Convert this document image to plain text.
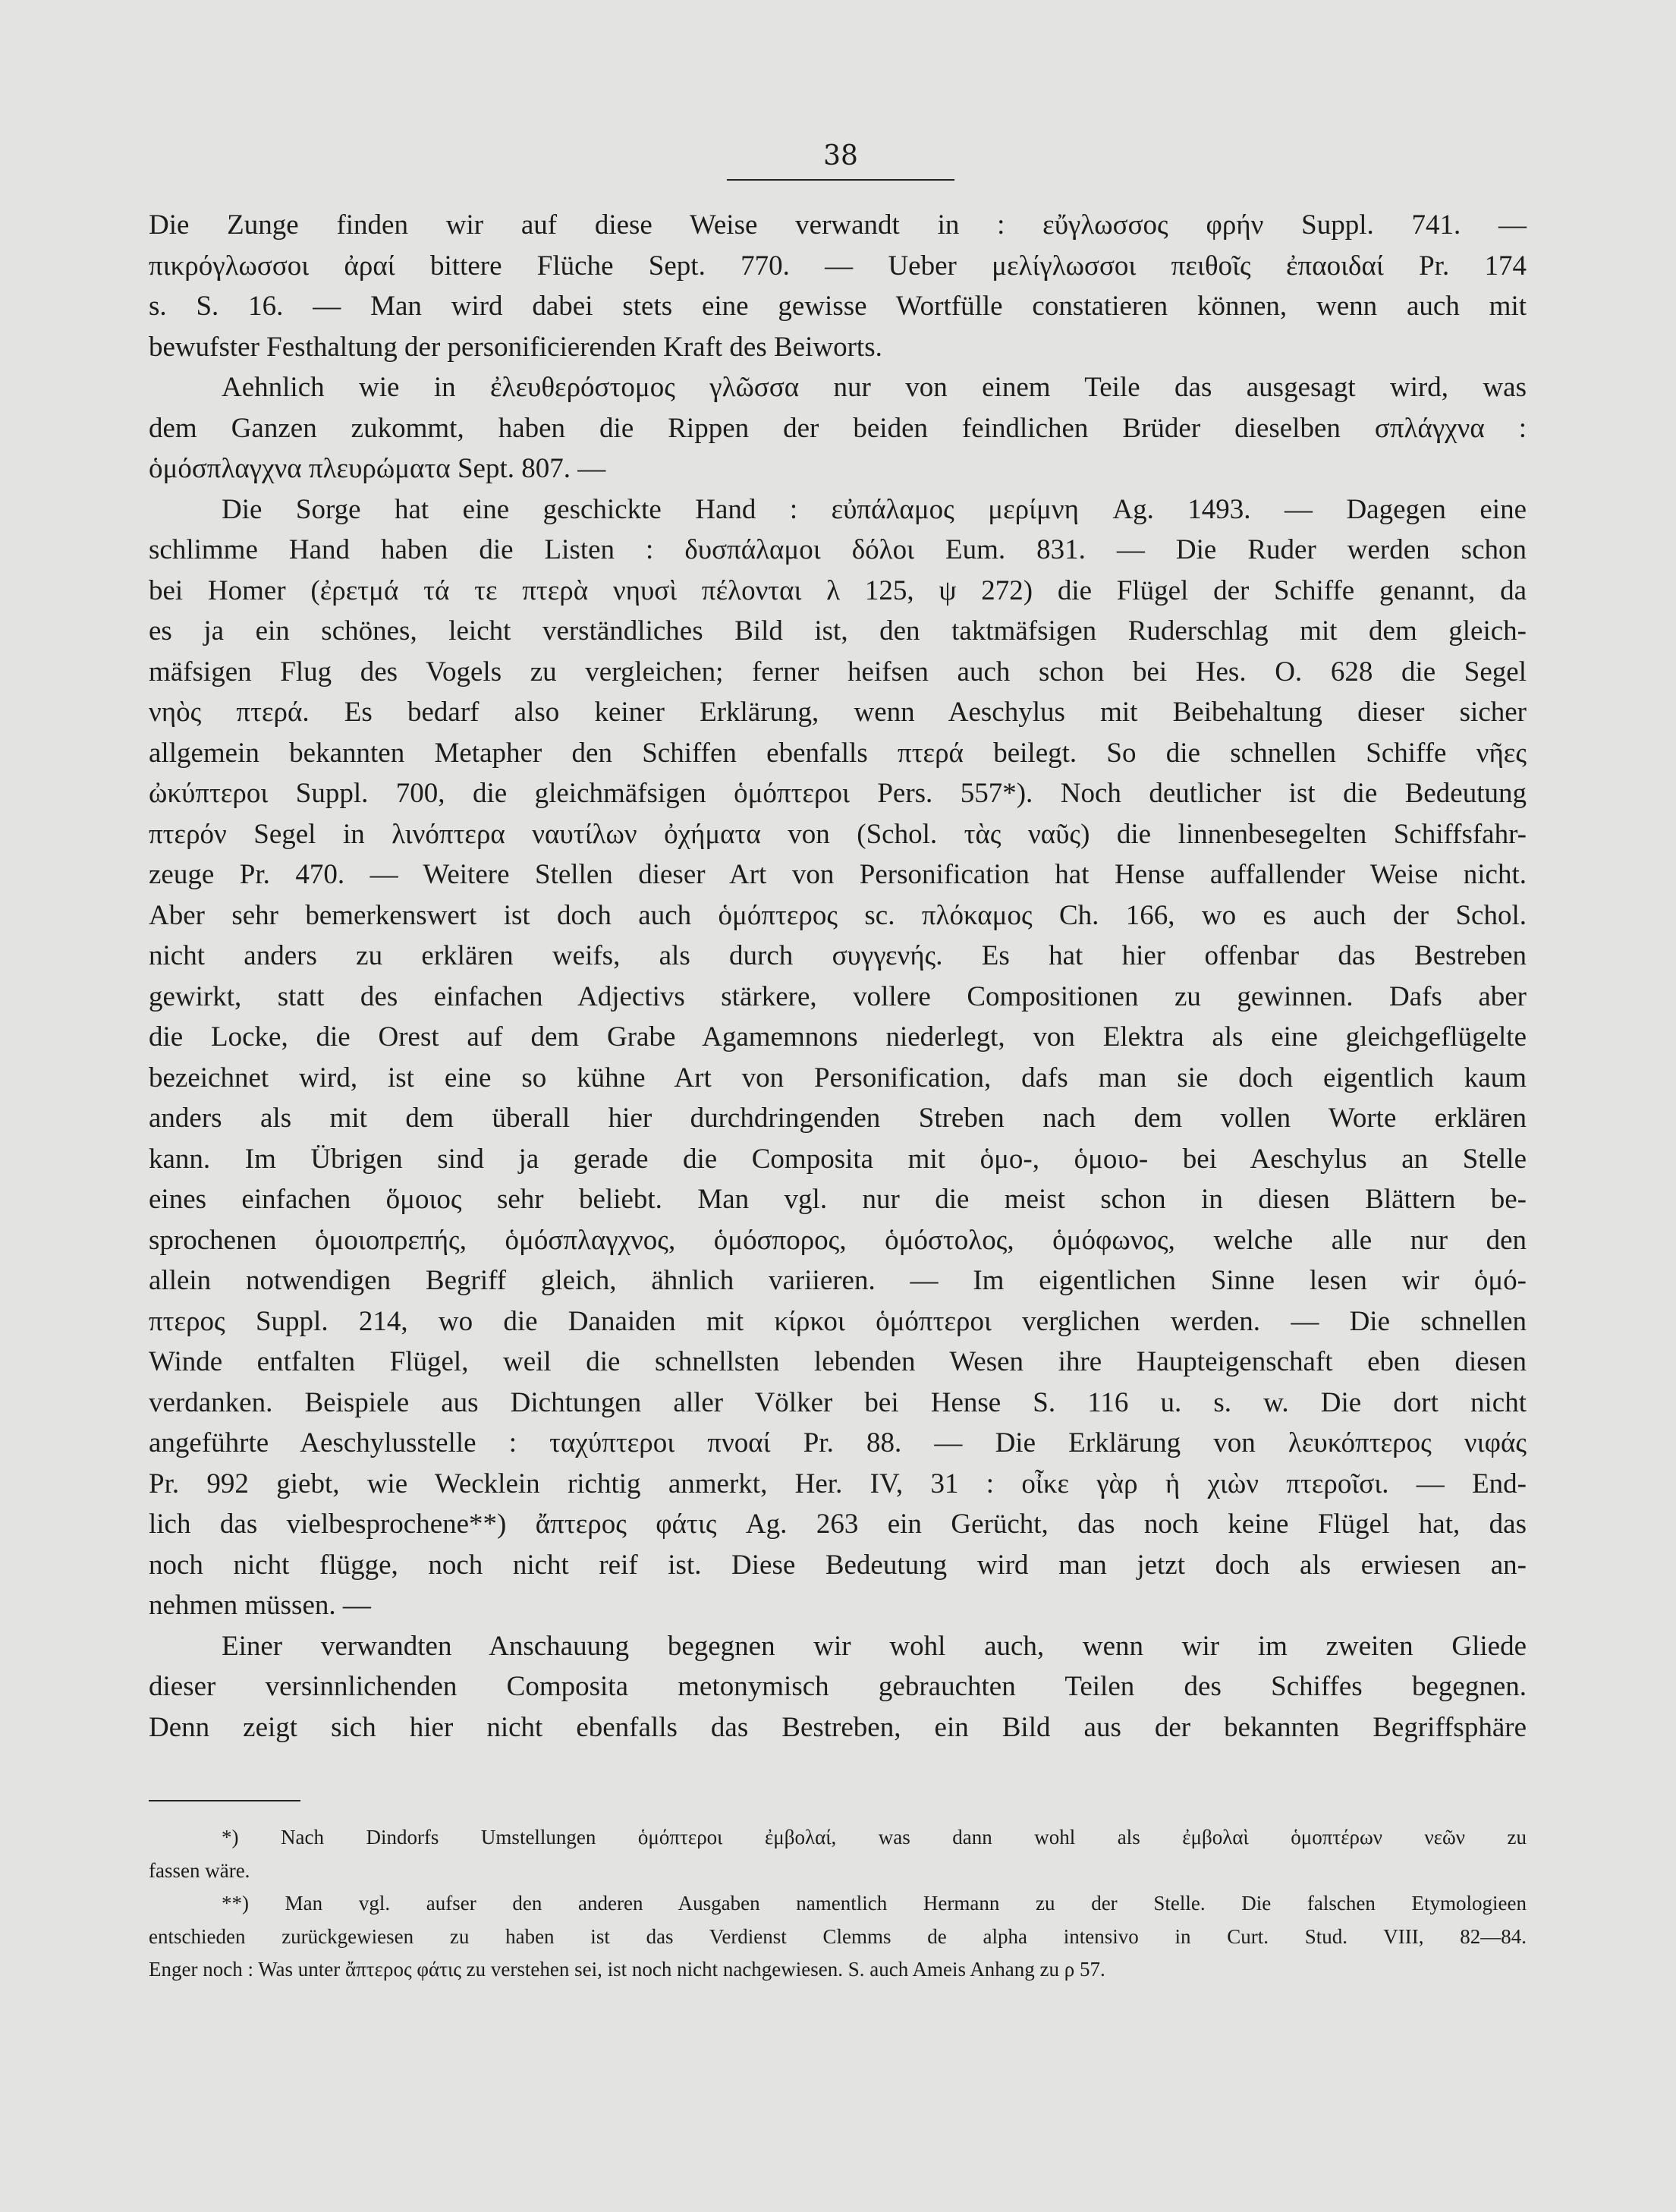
38
Die Zunge finden wir auf diese Weise verwandt in : εὔγλωσσος φρήν Suppl. 741. —
πικρόγλωσσοι ἀραί bittere Flüche Sept. 770. — Ueber μελίγλωσσοι πειθοῖς ἐπαοιδαί Pr. 174
s. S. 16. — Man wird dabei stets eine gewisse Wortfülle constatieren können, wenn auch mit
bewufster Festhaltung der personificierenden Kraft des Beiworts.
Aehnlich wie in ἐλευθερόστομος γλῶσσα nur von einem Teile das ausgesagt wird, was
dem Ganzen zukommt, haben die Rippen der beiden feindlichen Brüder dieselben σπλάγχνα :
ὁμόσπλαγχνα πλευρώματα Sept. 807. —
Die Sorge hat eine geschickte Hand : εὐπάλαμος μερίμνη Ag. 1493. — Dagegen eine
schlimme Hand haben die Listen : δυσπάλαμοι δόλοι Eum. 831. — Die Ruder werden schon
bei Homer (ἐρετμά τά τε πτερὰ νηυσὶ πέλονται λ 125, ψ 272) die Flügel der Schiffe genannt, da
es ja ein schönes, leicht verständliches Bild ist, den taktmäfsigen Ruderschlag mit dem gleich-
mäfsigen Flug des Vogels zu vergleichen; ferner heifsen auch schon bei Hes. O. 628 die Segel
νηὸς πτερά. Es bedarf also keiner Erklärung, wenn Aeschylus mit Beibehaltung dieser sicher
allgemein bekannten Metapher den Schiffen ebenfalls πτερά beilegt. So die schnellen Schiffe νῆες
ὠκύπτεροι Suppl. 700, die gleichmäfsigen ὁμόπτεροι Pers. 557*). Noch deutlicher ist die Bedeutung
πτερόν Segel in λινόπτερα ναυτίλων ὀχήματα von (Schol. τὰς ναῦς) die linnenbesegelten Schiffsfahr-
zeuge Pr. 470. — Weitere Stellen dieser Art von Personification hat Hense auffallender Weise nicht.
Aber sehr bemerkenswert ist doch auch ὁμόπτερος sc. πλόκαμος Ch. 166, wo es auch der Schol.
nicht anders zu erklären weifs, als durch συγγενής. Es hat hier offenbar das Bestreben
gewirkt, statt des einfachen Adjectivs stärkere, vollere Compositionen zu gewinnen. Dafs aber
die Locke, die Orest auf dem Grabe Agamemnons niederlegt, von Elektra als eine gleichgeflügelte
bezeichnet wird, ist eine so kühne Art von Personification, dafs man sie doch eigentlich kaum
anders als mit dem überall hier durchdringenden Streben nach dem vollen Worte erklären
kann. Im Übrigen sind ja gerade die Composita mit ὁμο-, ὁμοιο- bei Aeschylus an Stelle
eines einfachen ὅμοιος sehr beliebt. Man vgl. nur die meist schon in diesen Blättern be-
sprochenen ὁμοιοπρεπής, ὁμόσπλαγχνος, ὁμόσπορος, ὁμόστολος, ὁμόφωνος, welche alle nur den
allein notwendigen Begriff gleich, ähnlich variieren. — Im eigentlichen Sinne lesen wir ὁμό-
πτερος Suppl. 214, wo die Danaiden mit κίρκοι ὁμόπτεροι verglichen werden. — Die schnellen
Winde entfalten Flügel, weil die schnellsten lebenden Wesen ihre Haupteigenschaft eben diesen
verdanken. Beispiele aus Dichtungen aller Völker bei Hense S. 116 u. s. w. Die dort nicht
angeführte Aeschylusstelle : ταχύπτεροι πνοαί Pr. 88. — Die Erklärung von λευκόπτερος νιφάς
Pr. 992 giebt, wie Wecklein richtig anmerkt, Her. IV, 31 : οἶκε γὰρ ἡ χιὼν πτεροῖσι. — End-
lich das vielbesprochene**) ἄπτερος φάτις Ag. 263 ein Gerücht, das noch keine Flügel hat, das
noch nicht flügge, noch nicht reif ist. Diese Bedeutung wird man jetzt doch als erwiesen an-
nehmen müssen. —
Einer verwandten Anschauung begegnen wir wohl auch, wenn wir im zweiten Gliede
dieser versinnlichenden Composita metonymisch gebrauchten Teilen des Schiffes begegnen.
Denn zeigt sich hier nicht ebenfalls das Bestreben, ein Bild aus der bekannten Begriffsphäre
*) Nach Dindorfs Umstellungen ὁμόπτεροι ἐμβολαί, was dann wohl als ἐμβολαὶ ὁμοπτέρων νεῶν zu
fassen wäre.
**) Man vgl. aufser den anderen Ausgaben namentlich Hermann zu der Stelle. Die falschen Etymologieen
entschieden zurückgewiesen zu haben ist das Verdienst Clemms de alpha intensivo in Curt. Stud. VIII, 82—84.
Enger noch : Was unter ἄπτερος φάτις zu verstehen sei, ist noch nicht nachgewiesen. S. auch Ameis Anhang zu ρ 57.
